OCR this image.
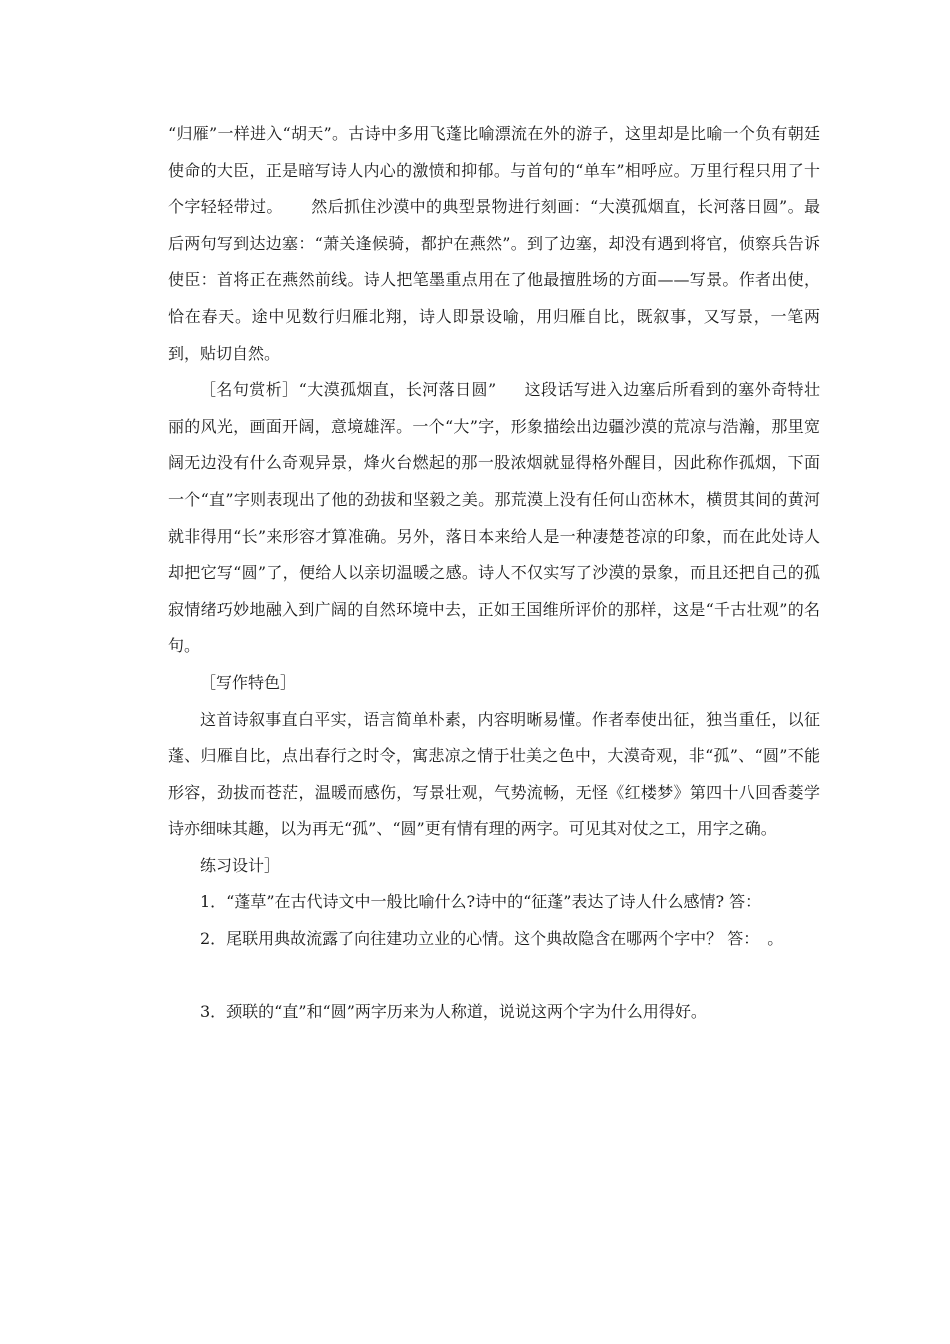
“归雁”一样进入“胡天”。古诗中多用飞蓬比喻漂流在外的游子，这里却是比喻一个负有朝廷使命的大臣，正是暗写诗人内心的激愤和抑郁。与首句的“单车”相呼应。万里行程只用了十个字轻轻带过。 然后抓住沙漠中的典型景物进行刻画：“大漠孤烟直，长河落日圆”。最后两句写到达边塞：“萧关逢候骑，都护在燕然”。到了边塞，却没有遇到将官，侦察兵告诉使臣：首将正在燕然前线。诗人把笔墨重点用在了他最擅胜场的方面——写景。作者出使，恰在春天。途中见数行归雁北翔，诗人即景设喻，用归雁自比，既叙事，又写景，一笔两到，贴切自然。

［名句赏析］“大漠孤烟直，长河落日圆” 这段话写进入边塞后所看到的塞外奇特壮丽的风光，画面开阔，意境雄浑。一个“大”字，形象描绘出边疆沙漠的荒凉与浩瀚，那里宽阔无边没有什么奇观异景，烽火台燃起的那一股浓烟就显得格外醒目，因此称作孤烟，下面一个“直”字则表现出了他的劲拔和坚毅之美。那荒漠上没有任何山峦林木，横贯其间的黄河就非得用“长”来形容才算准确。另外，落日本来给人是一种凄楚苍凉的印象，而在此处诗人却把它写“圆”了，便给人以亲切温暖之感。诗人不仅实写了沙漠的景象，而且还把自己的孤寂情绪巧妙地融入到广阔的自然环境中去，正如王国维所评价的那样，这是“千古壮观”的名句。

［写作特色］

这首诗叙事直白平实，语言简单朴素，内容明晰易懂。作者奉使出征，独当重任，以征蓬、归雁自比，点出春行之时令，寓悲凉之情于壮美之色中，大漠奇观，非“孤”、“圆”不能形容，劲拔而苍茫，温暖而感伤，写景壮观，气势流畅，无怪《红楼梦》第四十八回香菱学诗亦细味其趣，以为再无“孤”、“圆”更有情有理的两字。可见其对仗之工，用字之确。

练习设计］

1．“蓬草”在古代诗文中一般比喻什么?诗中的“征蓬”表达了诗人什么感情? 答：

2．尾联用典故流露了向往建功立业的心情。这个典故隐含在哪两个字中？ 答：　。

3．颈联的“直”和“圆”两字历来为人称道，说说这两个字为什么用得好。
